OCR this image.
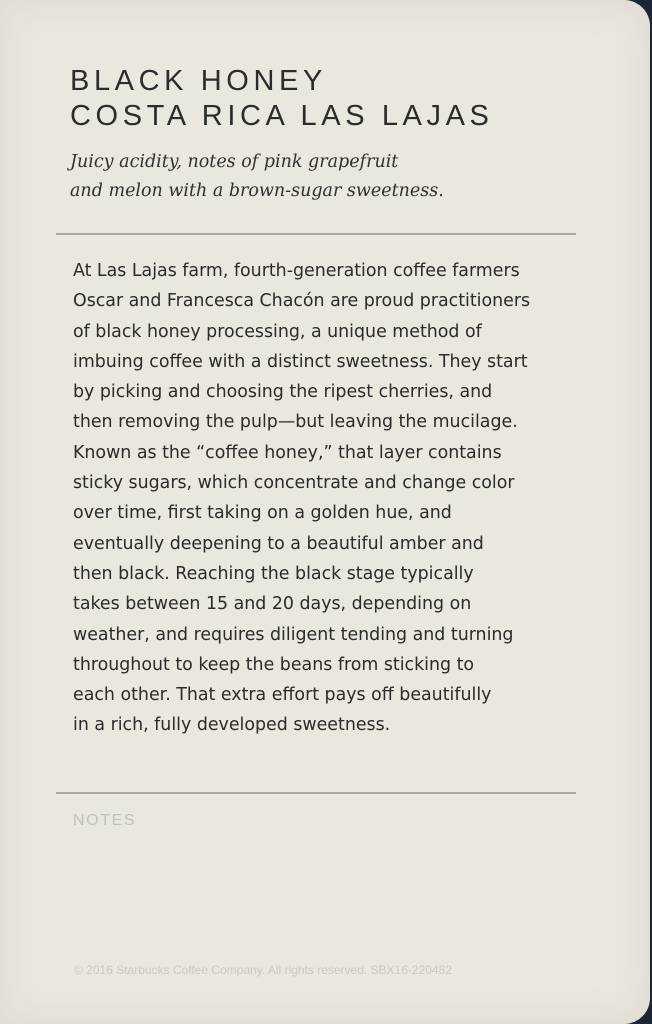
BLACK HONEY
COSTA RICA LAS LAJAS

Juicy acidity, notes of pink grapefruit
and melon with a brown-sugar sweetness.

At Las Lajas farm, fourth-generation coffee farmers
Oscar and Francesca Chacón are proud practitioners
of black honey processing, a unique method of
imbuing coffee with a distinct sweetness. They start
by picking and choosing the ripest cherries, and
then removing the pulp—but leaving the mucilage.
Known as the “coffee honey,” that layer contains
sticky sugars, which concentrate and change color
over time, first taking on a golden hue, and
eventually deepening to a beautiful amber and
then black. Reaching the black stage typically
takes between 15 and 20 days, depending on
weather, and requires diligent tending and turning
throughout to keep the beans from sticking to
each other. That extra effort pays off beautifully
in a rich, fully developed sweetness.

NOTES
© 2016 Starbucks Coffee Company. All rights reserved. SBX16-220482
